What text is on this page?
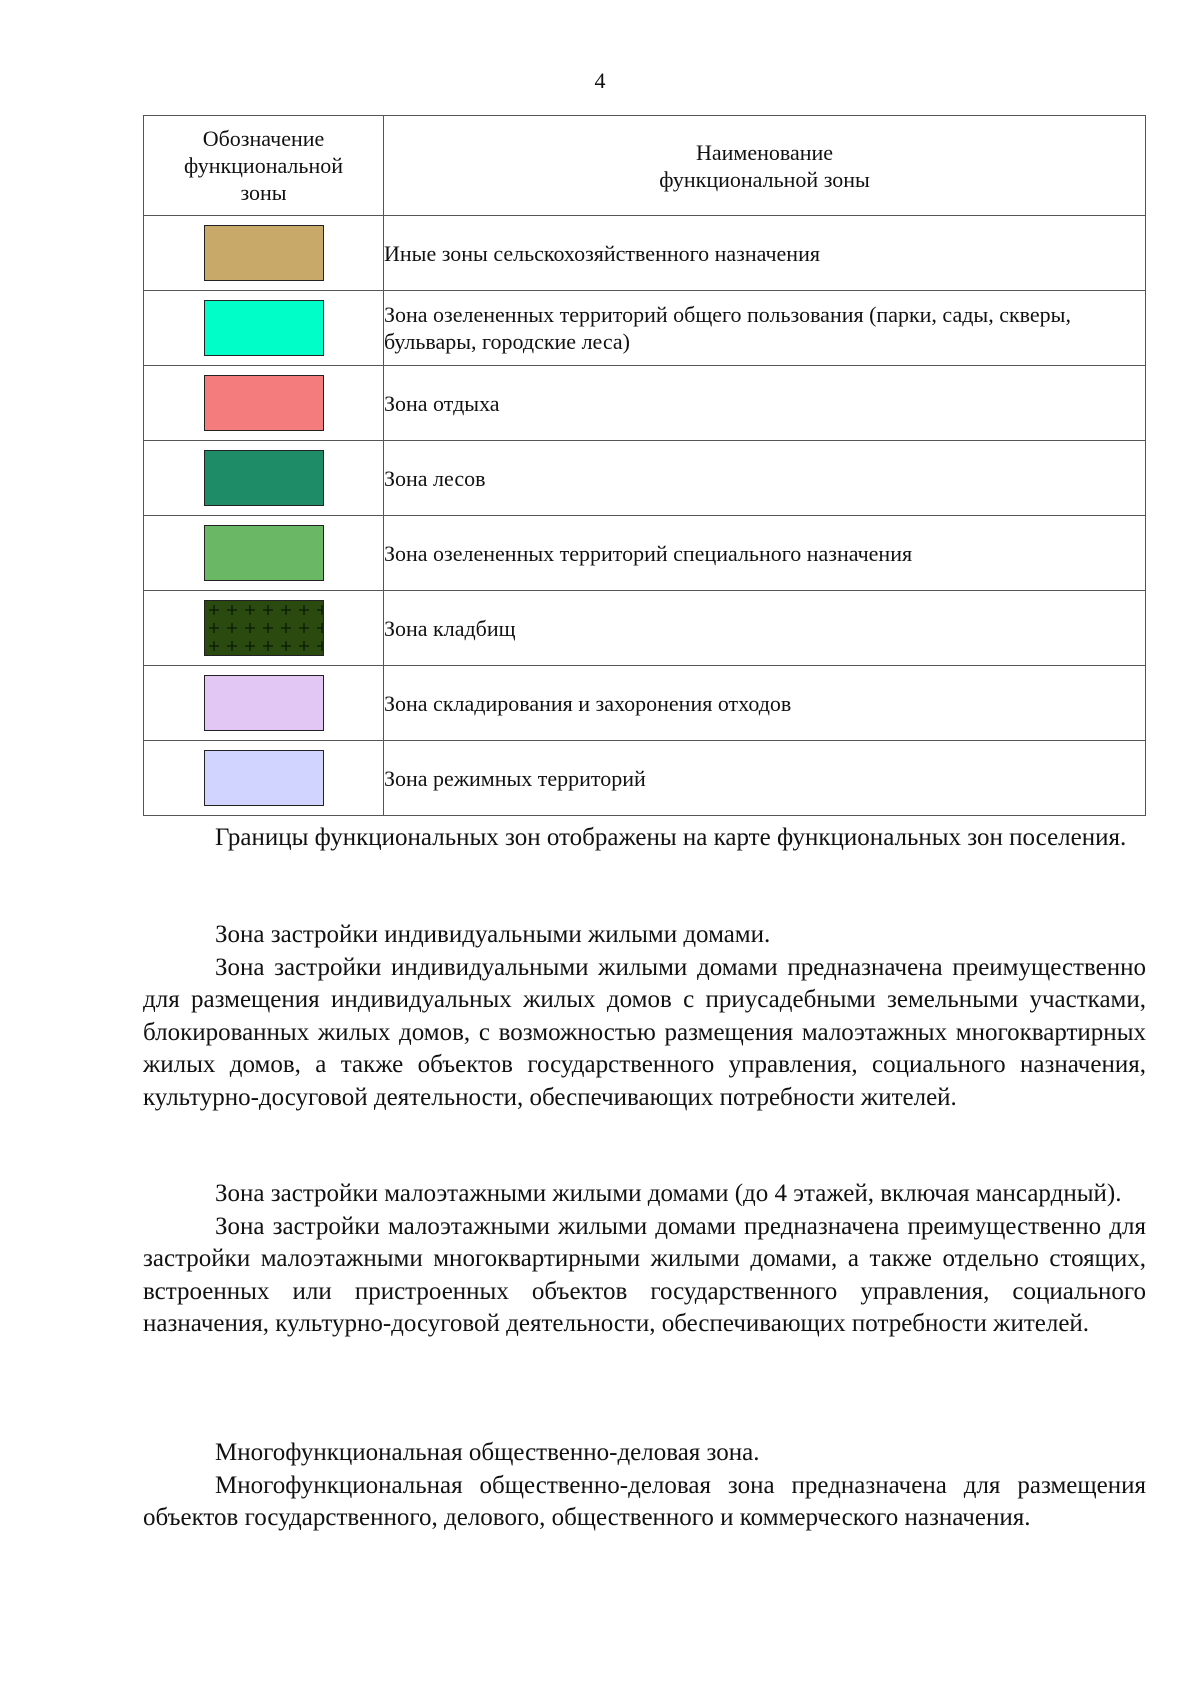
4
Обозначение функциональной зоны	Наименование функциональной зоны

	Иные зоны сельскохозяйственного назначения

	Зона озелененных территорий общего пользования (парки, сады, скверы, бульвары, городские леса)

	Зона отдыха

	Зона лесов

	Зона озелененных территорий специального назначения

	Зона кладбищ

	Зона складирования и захоронения отходов

	Зона режимных территорий

Границы функциональных зон отображены на карте функциональных зон поселения.

Зона застройки индивидуальными жилыми домами.

Зона застройки индивидуальными жилыми домами предназначена преимущественно для размещения индивидуальных жилых домов с приусадебными земельными участками, блокированных жилых домов, с возможностью размещения малоэтажных многоквартирных жилых домов, а также объектов государственного управления, социального назначения, культурно-досуговой деятельности, обеспечивающих потребности жителей.

Зона застройки малоэтажными жилыми домами (до 4 этажей, включая мансардный).

Зона застройки малоэтажными жилыми домами предназначена преимущественно для застройки малоэтажными многоквартирными жилыми домами, а также отдельно стоящих, встроенных или пристроенных объектов государственного управления, социального назначения, культурно-досуговой деятельности, обеспечивающих потребности жителей.

Многофункциональная общественно-деловая зона.

Многофункциональная общественно-деловая зона предназначена для размещения объектов государственного, делового, общественного и коммерческого назначения.
